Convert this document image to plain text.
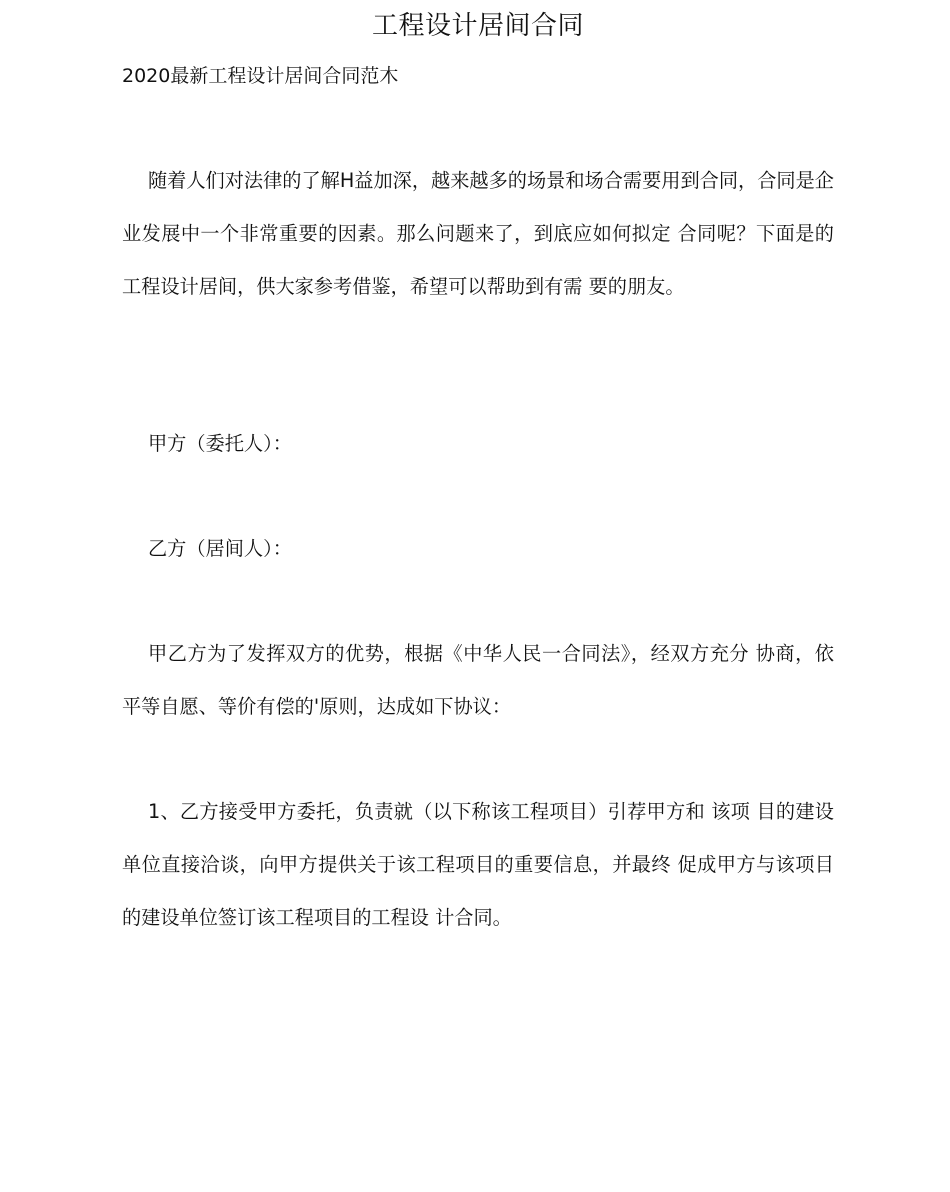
工程设计居间合同
2020最新工程设计居间合同范木

随着人们对法律的了解H益加深，越来越多的场景和场合需要用到合同，合同是企业发展中一个非常重要的因素。那么问题来了，到底应如何拟定 合同呢？下面是的工程设计居间，供大家参考借鉴，希望可以帮助到有需 要的朋友。

甲方（委托人）：

乙方（居间人）：

甲乙方为了发挥双方的优势，根据《中华人民一合同法》，经双方充分 协商，依平等自愿、等价有偿的'原则，达成如下协议：

1、乙方接受甲方委托，负责就（以下称该工程项目）引荐甲方和 该项 目的建设单位直接洽谈，向甲方提供关于该工程项目的重要信息，并最终 促成甲方与该项目的建设单位签订该工程项目的工程设 计合同。
